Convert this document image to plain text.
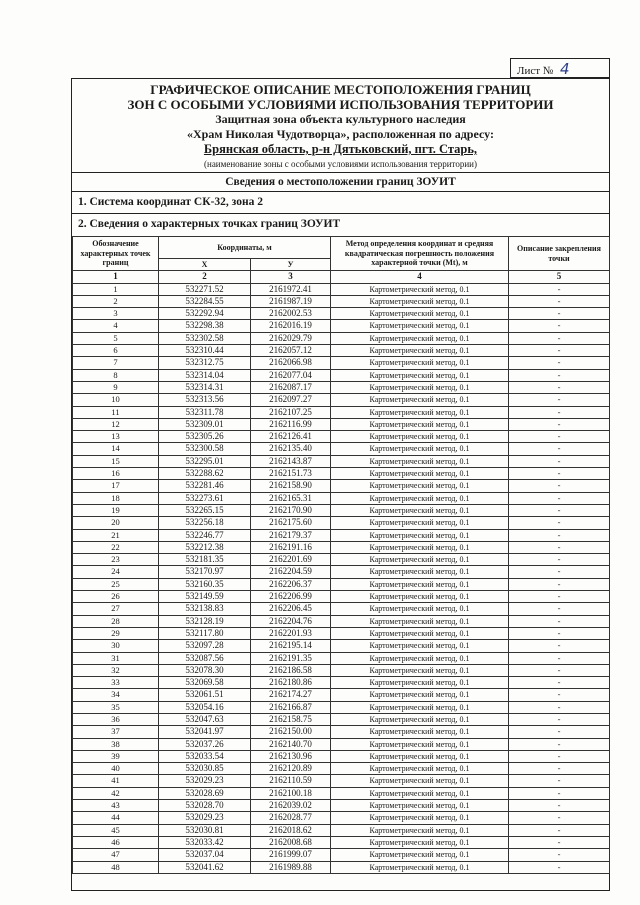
Лист № 4
ГРАФИЧЕСКОЕ ОПИСАНИЕ МЕСТОПОЛОЖЕНИЯ ГРАНИЦ
ЗОН С ОСОБЫМИ УСЛОВИЯМИ ИСПОЛЬЗОВАНИЯ ТЕРРИТОРИИ
Защитная зона объекта культурного наследия
«Храм Николая Чудотворца», расположенная по адресу:
Брянская область, р-н Дятьковский, пгт. Старь,
(наименование зоны с особыми условиями использования территории)
Сведения о местоположении границ ЗОУИТ
1. Система координат СК-32, зона 2
2. Сведения о характерных точках границ ЗОУИТ
Обозначение характерных точек границ	Координаты, м		Метод определения координат и средняя квадратическая погрешность положения характерной точки (Mt), м	Описание закрепления точки
	X	У		
1	2	3	4	5
1	532271.52	2161972.41	Картометрический метод, 0.1	-
2	532284.55	2161987.19	Картометрический метод, 0.1	-
3	532292.94	2162002.53	Картометрический метод, 0.1	-
4	532298.38	2162016.19	Картометрический метод, 0.1	-
5	532302.58	2162029.79	Картометрический метод, 0.1	-
6	532310.44	2162057.12	Картометрический метод, 0.1	-
7	532312.75	2162066.98	Картометрический метод, 0.1	-
8	532314.04	2162077.04	Картометрический метод, 0.1	-
9	532314.31	2162087.17	Картометрический метод, 0.1	-
10	532313.56	2162097.27	Картометрический метод, 0.1	-
11	532311.78	2162107.25	Картометрический метод, 0.1	-
12	532309.01	2162116.99	Картометрический метод, 0.1	-
13	532305.26	2162126.41	Картометрический метод, 0.1	-
14	532300.58	2162135.40	Картометрический метод, 0.1	-
15	532295.01	2162143.87	Картометрический метод, 0.1	-
16	532288.62	2162151.73	Картометрический метод, 0.1	-
17	532281.46	2162158.90	Картометрический метод, 0.1	-
18	532273.61	2162165.31	Картометрический метод, 0.1	-
19	532265.15	2162170.90	Картометрический метод, 0.1	-
20	532256.18	2162175.60	Картометрический метод, 0.1	-
21	532246.77	2162179.37	Картометрический метод, 0.1	-
22	532212.38	2162191.16	Картометрический метод, 0.1	-
23	532181.35	2162201.69	Картометрический метод, 0.1	-
24	532170.97	2162204.59	Картометрический метод, 0.1	-
25	532160.35	2162206.37	Картометрический метод, 0.1	-
26	532149.59	2162206.99	Картометрический метод, 0.1	-
27	532138.83	2162206.45	Картометрический метод, 0.1	-
28	532128.19	2162204.76	Картометрический метод, 0.1	-
29	532117.80	2162201.93	Картометрический метод, 0.1	-
30	532097.28	2162195.14	Картометрический метод, 0.1	-
31	532087.56	2162191.35	Картометрический метод, 0.1	-
32	532078.30	2162186.58	Картометрический метод, 0.1	-
33	532069.58	2162180.86	Картометрический метод, 0.1	-
34	532061.51	2162174.27	Картометрический метод, 0.1	-
35	532054.16	2162166.87	Картометрический метод, 0.1	-
36	532047.63	2162158.75	Картометрический метод, 0.1	-
37	532041.97	2162150.00	Картометрический метод, 0.1	-
38	532037.26	2162140.70	Картометрический метод, 0.1	-
39	532033.54	2162130.96	Картометрический метод, 0.1	-
40	532030.85	2162120.89	Картометрический метод, 0.1	-
41	532029.23	2162110.59	Картометрический метод, 0.1	-
42	532028.69	2162100.18	Картометрический метод, 0.1	-
43	532028.70	2162039.02	Картометрический метод, 0.1	-
44	532029.23	2162028.77	Картометрический метод, 0.1	-
45	532030.81	2162018.62	Картометрический метод, 0.1	-
46	532033.42	2162008.68	Картометрический метод, 0.1	-
47	532037.04	2161999.07	Картометрический метод, 0.1	-
48	532041.62	2161989.88	Картометрический метод, 0.1	-
